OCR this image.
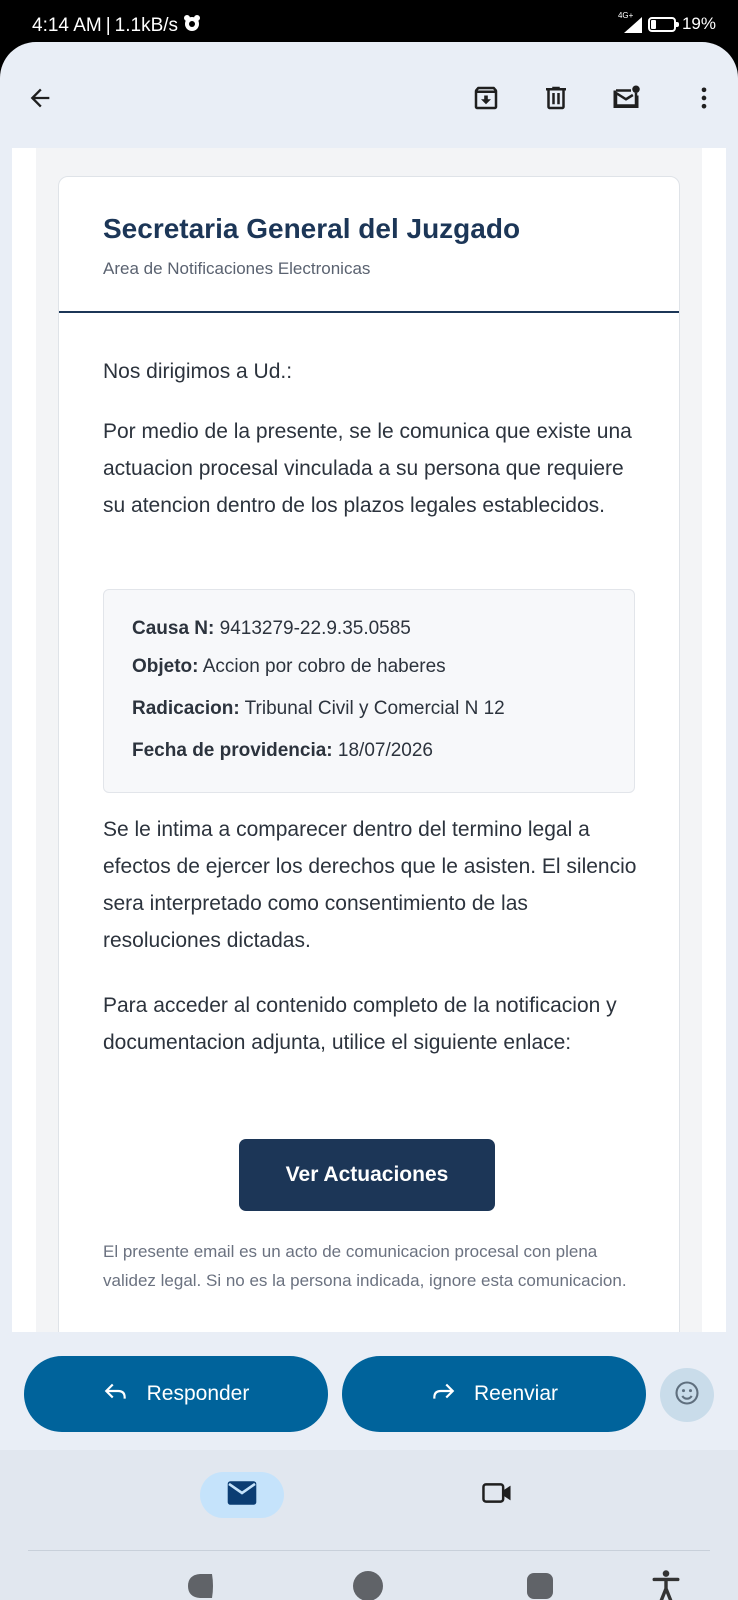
4:14 AM | 1.1kB/s	4G+	19%
Secretaria General del Juzgado
Area de Notificaciones Electronicas
Nos dirigimos a Ud.:
Por medio de la presente, se le comunica que existe una actuacion procesal vinculada a su persona que requiere su atencion dentro de los plazos legales establecidos.
Causa N: 9413279-22.9.35.0585
Objeto: Accion por cobro de haberes
Radicacion: Tribunal Civil y Comercial N 12
Fecha de providencia: 18/07/2026
Se le intima a comparecer dentro del termino legal a efectos de ejercer los derechos que le asisten. El silencio sera interpretado como consentimiento de las resoluciones dictadas.
Para acceder al contenido completo de la notificacion y documentacion adjunta, utilice el siguiente enlace:
Ver Actuaciones
El presente email es un acto de comunicacion procesal con plena validez legal. Si no es la persona indicada, ignore esta comunicacion.
Responder	Reenviar
